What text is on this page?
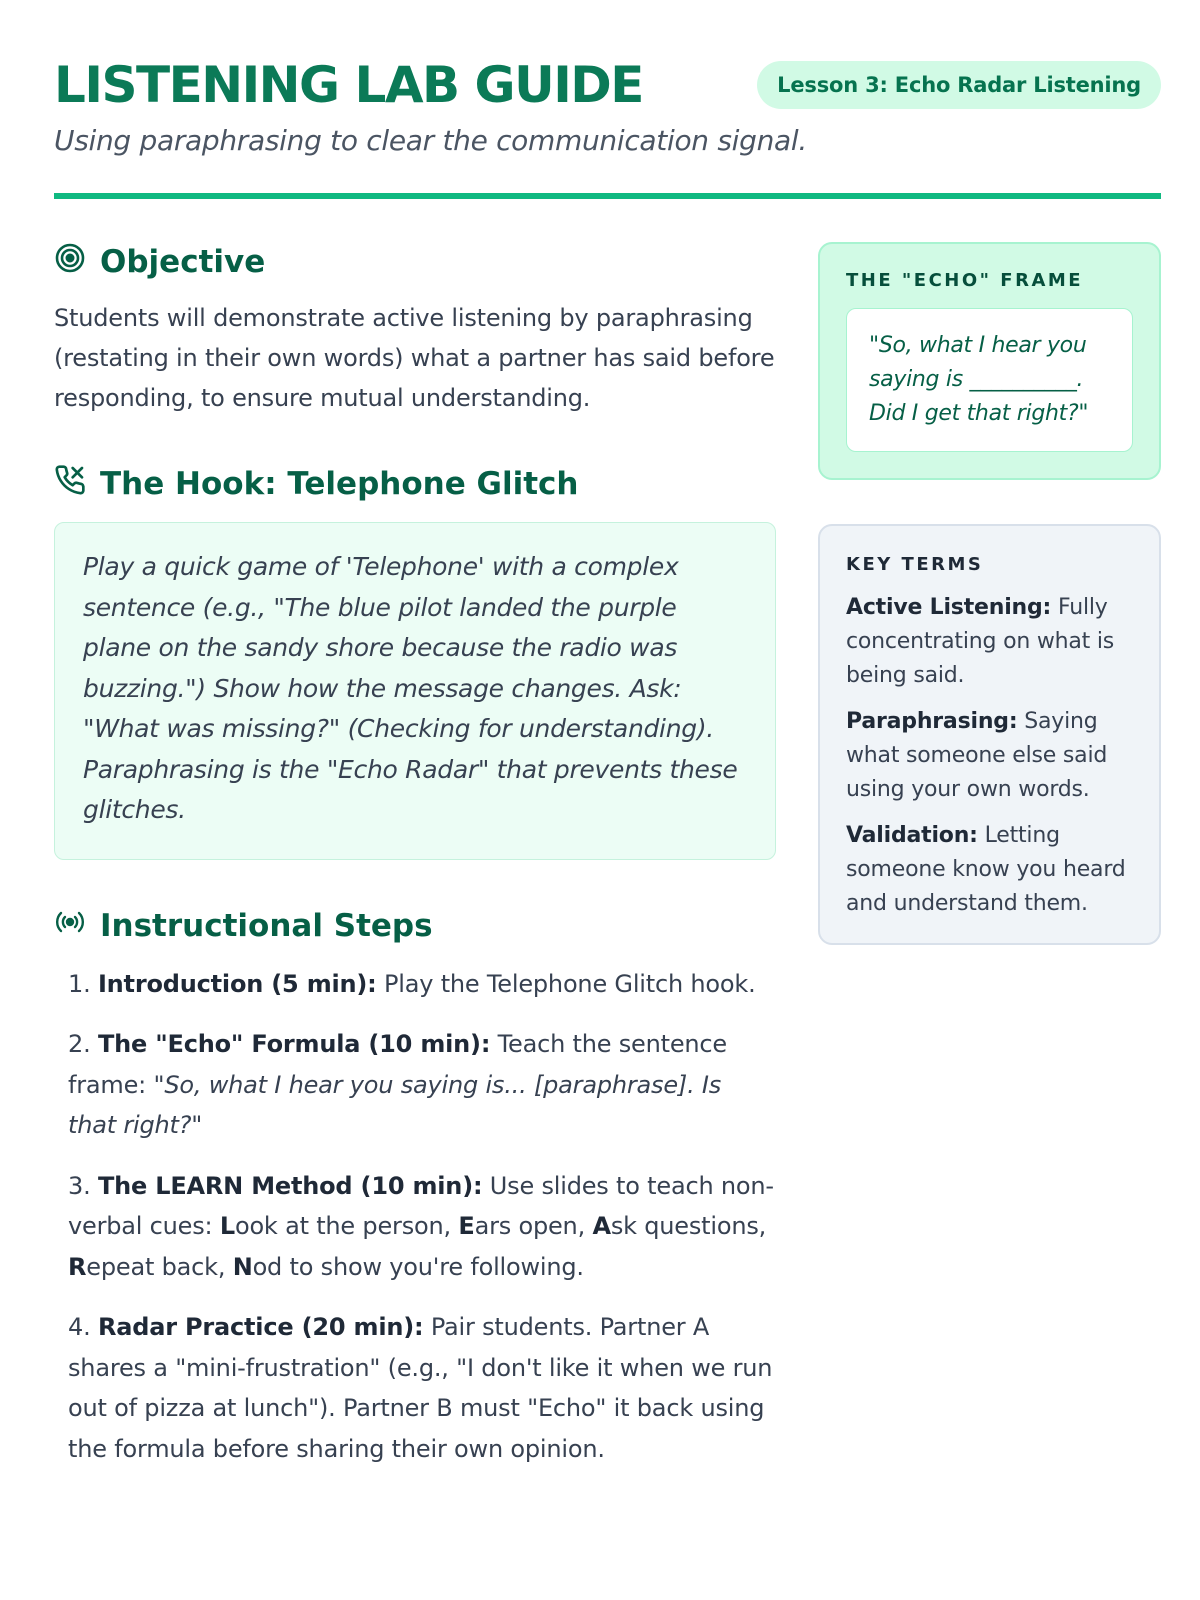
LISTENING LAB GUIDE	Lesson 3: Echo Radar Listening

Using paraphrasing to clear the communication signal.

Objective

Students will demonstrate active listening by paraphrasing (restating in their own words) what a partner has said before responding, to ensure mutual understanding.

The Hook: Telephone Glitch
Play a quick game of 'Telephone' with a complex sentence (e.g., "The blue pilot landed the purple plane on the sandy shore because the radio was buzzing.") Show how the message changes. Ask: "What was missing?" (Checking for understanding). Paraphrasing is the "Echo Radar" that prevents these glitches.
Instructional Steps
1. Introduction (5 min): Play the Telephone Glitch hook.
2. The "Echo" Formula (10 min): Teach the sentence frame: "So, what I hear you saying is... [paraphrase]. Is that right?"
3. The LEARN Method (10 min): Use slides to teach non-verbal cues: Look at the person, Ears open, Ask questions, Repeat back, Nod to show you're following.
4. Radar Practice (20 min): Pair students. Partner A shares a "mini-frustration" (e.g., "I don't like it when we run out of pizza at lunch"). Partner B must "Echo" it back using the formula before sharing their own opinion.
THE "ECHO" FRAME
"So, what I hear you saying is __________. Did I get that right?"
KEY TERMS

Active Listening: Fully concentrating on what is being said.

Paraphrasing: Saying what someone else said using your own words.

Validation: Letting someone know you heard and understand them.
